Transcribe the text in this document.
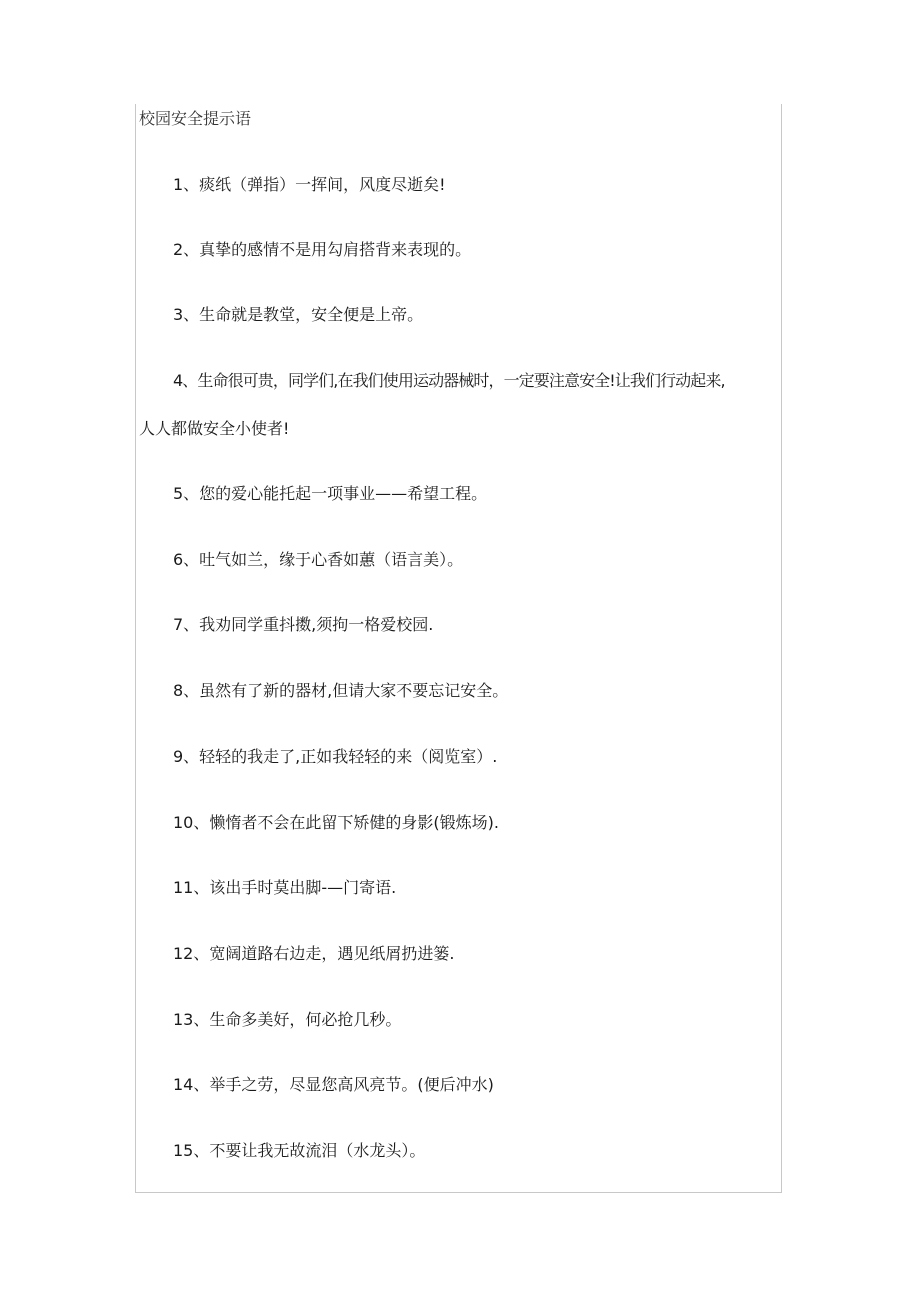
校园安全提示语
1、痰纸（弹指）一挥间，风度尽逝矣!
2、真挚的感情不是用勾肩搭背来表现的。
3、生命就是教堂，安全便是上帝。
4、生命很可贵，同学们,在我们使用运动器械时，一定要注意安全!让我们行动起来,
人人都做安全小使者!
5、您的爱心能托起一项事业——希望工程。
6、吐气如兰，缘于心香如蕙（语言美）。
7、我劝同学重抖擞,须拘一格爱校园.
8、虽然有了新的器材,但请大家不要忘记安全。
9、轻轻的我走了,正如我轻轻的来（阅览室）.
10、懒惰者不会在此留下矫健的身影(锻炼场).
11、该出手时莫出脚-—门寄语.
12、宽阔道路右边走，遇见纸屑扔进篓.
13、生命多美好，何必抢几秒。
14、举手之劳，尽显您高风亮节。(便后冲水)
15、不要让我无故流泪（水龙头）。
